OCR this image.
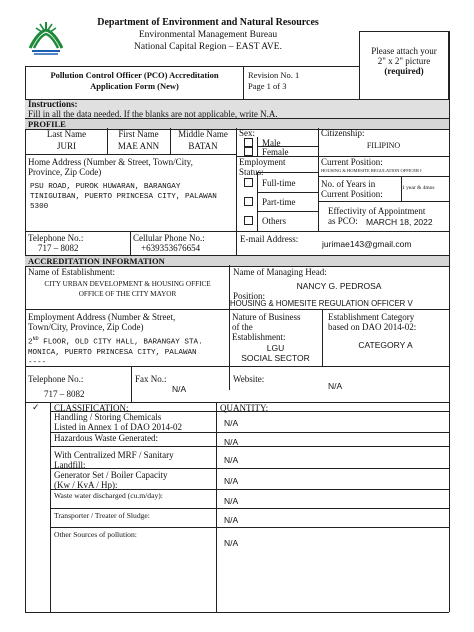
Department of Environment and Natural Resources
Environmental Management Bureau
National Capital Region – EAST AVE.	Please attach your
2" x 2" picture
(required)
Pollution Control Officer (PCO) Accreditation
Application Form (New)
Revision No. 1
Page 1 of 3
Instructions:
Fill in all the data needed. If the blanks are not applicable, write N.A.
PROFILE
Last Name
JURI
First Name
MAE ANN
Middle Name
BATAN
Sex:
Male
Female
Citizenship:
FILIPINO
Home Address (Number & Street, Town/City,
Province, Zip Code)
PSU ROAD, PUROK HUWARAN, BARANGAY
TINIGUIBAN, PUERTO PRINCESA CITY, PALAWAN
5300
Employment
Status:
Full-time
Part-time
Others
Current Position:
HOUSING & HOMESITE REGULATION OFFICER I
No. of Years in
Current Position:
1 year & 4mos
Effectivity of Appointment
as PCO: MARCH 18, 2022
Telephone No.:
717 – 8082
Cellular Phone No.:
+639353676654
E-mail Address:	jurimae143@gmail.com
ACCREDITATION INFORMATION
Name of Establishment:
CITY URBAN DEVELOPMENT & HOUSING OFFICE
OFFICE OF THE CITY MAYOR
Name of Managing Head:
NANCY G. PEDROSA
Position:
HOUSING & HOMESITE REGULATION OFFICER V
Employment Address (Number & Street,
Town/City, Province, Zip Code)
2ND FLOOR, OLD CITY HALL, BARANGAY STA.
MONICA, PUERTO PRINCESA CITY, PALAWAN
----
Nature of Business
of the
Establishment:
LGU
SOCIAL SECTOR
Establishment Category
based on DAO 2014-02:
CATEGORY A
Telephone No.:
717 – 8082
Fax No.:
N/A
Website:
N/A
✓ CLASSIFICATION:	QUANTITY:
Handling / Storing Chemicals
Listed in Annex 1 of DAO 2014-02	N/A
Hazardous Waste Generated:	N/A
With Centralized MRF / Sanitary
Landfill:	N/A
Generator Set / Boiler Capacity
(Kw / KvA / Hp):	N/A
Waste water discharged (cu.m/day):
N/A
Transporter / Treater of Sludge:	N/A
Other Sources of pollution:
N/A
